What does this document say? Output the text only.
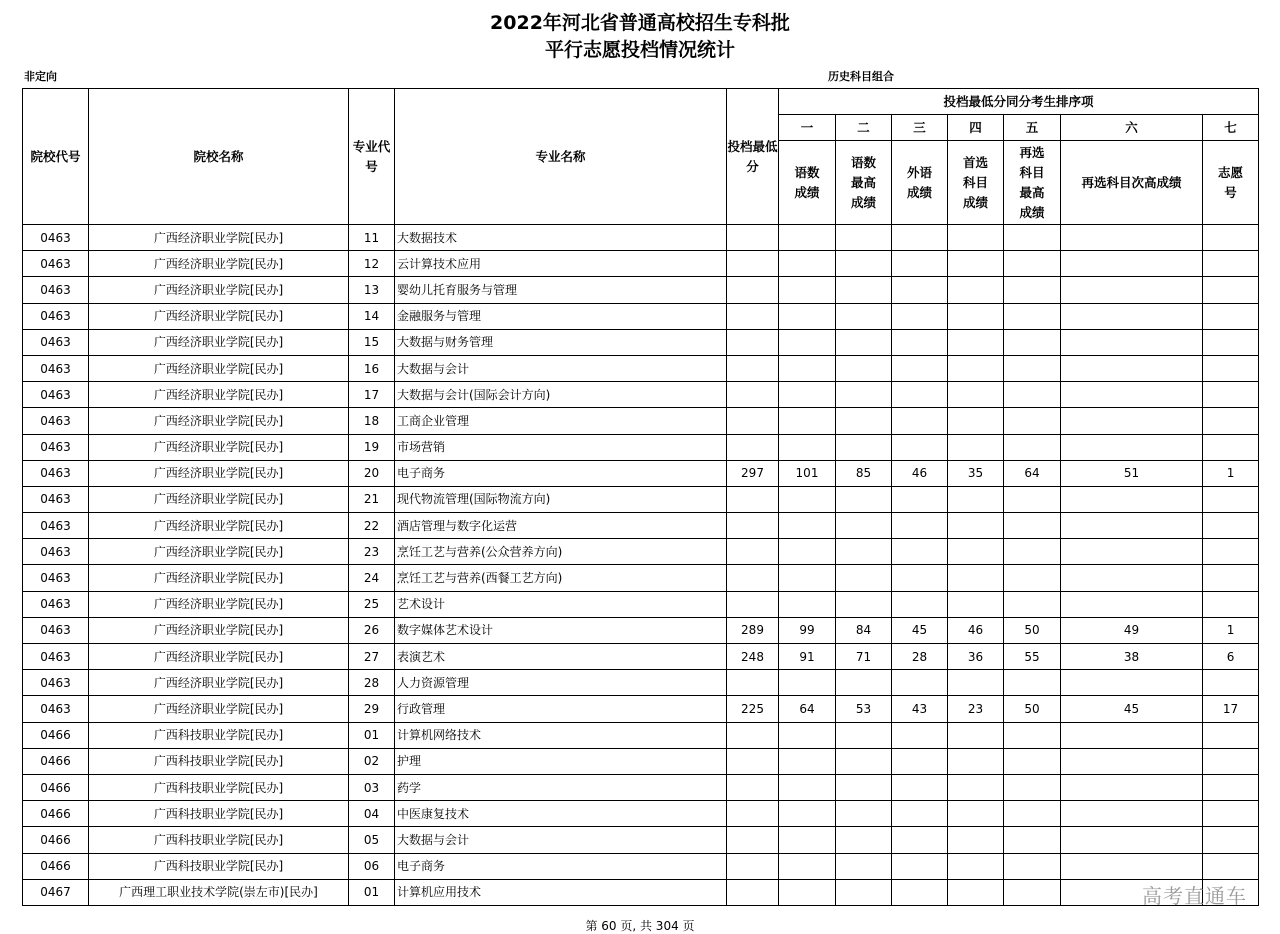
2022年河北省普通高校招生专科批
平行志愿投档情况统计
非定向	历史科目组合
院校代号	院校名称	专业代号	专业名称	投档最低分	投档最低分同分考生排序项						
					一	二	三	四	五	六	七
					语数成绩	语数最高成绩	外语成绩	首选科目成绩	再选科目最高成绩	再选科目次高成绩	志愿号
0463	广西经济职业学院[民办]	11	大数据技术								
0463	广西经济职业学院[民办]	12	云计算技术应用								
0463	广西经济职业学院[民办]	13	婴幼儿托育服务与管理								
0463	广西经济职业学院[民办]	14	金融服务与管理								
0463	广西经济职业学院[民办]	15	大数据与财务管理								
0463	广西经济职业学院[民办]	16	大数据与会计								
0463	广西经济职业学院[民办]	17	大数据与会计(国际会计方向)								
0463	广西经济职业学院[民办]	18	工商企业管理								
0463	广西经济职业学院[民办]	19	市场营销								
0463	广西经济职业学院[民办]	20	电子商务	297	101	85	46	35	64	51	1
0463	广西经济职业学院[民办]	21	现代物流管理(国际物流方向)								
0463	广西经济职业学院[民办]	22	酒店管理与数字化运营								
0463	广西经济职业学院[民办]	23	烹饪工艺与营养(公众营养方向)								
0463	广西经济职业学院[民办]	24	烹饪工艺与营养(西餐工艺方向)								
0463	广西经济职业学院[民办]	25	艺术设计								
0463	广西经济职业学院[民办]	26	数字媒体艺术设计	289	99	84	45	46	50	49	1
0463	广西经济职业学院[民办]	27	表演艺术	248	91	71	28	36	55	38	6
0463	广西经济职业学院[民办]	28	人力资源管理								
0463	广西经济职业学院[民办]	29	行政管理	225	64	53	43	23	50	45	17
0466	广西科技职业学院[民办]	01	计算机网络技术								
0466	广西科技职业学院[民办]	02	护理								
0466	广西科技职业学院[民办]	03	药学								
0466	广西科技职业学院[民办]	04	中医康复技术								
0466	广西科技职业学院[民办]	05	大数据与会计								
0466	广西科技职业学院[民办]	06	电子商务								
0467	广西理工职业技术学院(崇左市)[民办]	01	计算机应用技术								
第 60 页, 共 304 页
高考直通车
